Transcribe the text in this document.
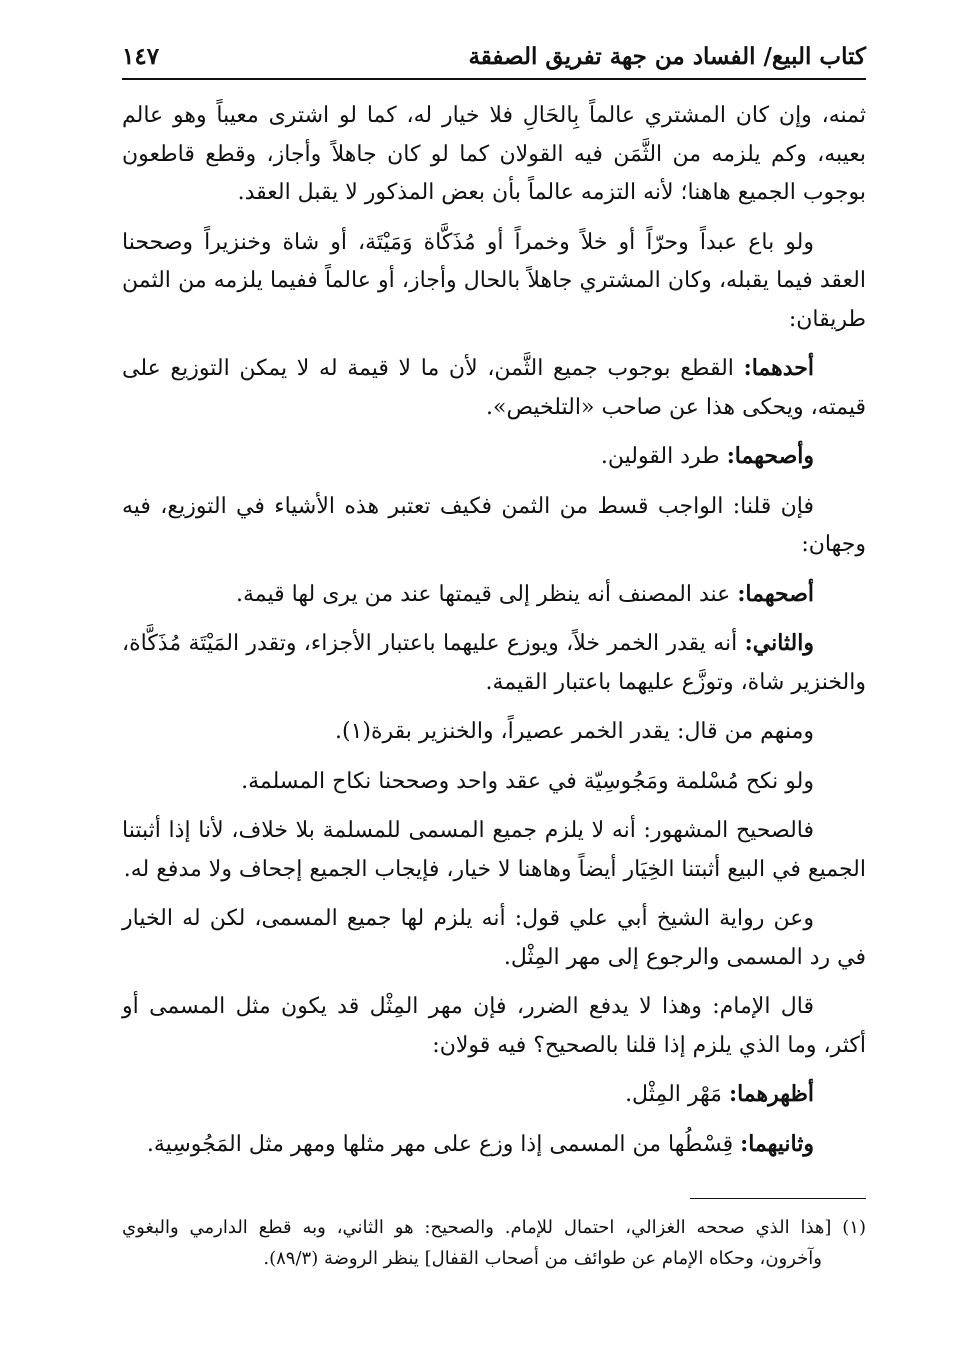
كتاب البيع/ الفساد من جهة تفريق الصفقة
١٤٧

ثمنه، وإن كان المشتري عالماً بِالحَالِ فلا خيار له، كما لو اشترى معيباً وهو عالم بعيبه، وكم يلزمه من الثَّمَن فيه القولان كما لو كان جاهلاً وأجاز، وقطع قاطعون بوجوب الجميع هاهنا؛ لأنه التزمه عالماً بأن بعض المذكور لا يقبل العقد.

ولو باع عبداً وحرّاً أو خلاً وخمراً أو مُذَكَّاة وَمَيْتَة، أو شاة وخنزيراً وصححنا العقد فيما يقبله، وكان المشتري جاهلاً بالحال وأجاز، أو عالماً ففيما يلزمه من الثمن طريقان:

أحدهما: القطع بوجوب جميع الثَّمن، لأن ما لا قيمة له لا يمكن التوزيع على قيمته، ويحكى هذا عن صاحب «التلخيص».

وأصحهما: طرد القولين.

فإن قلنا: الواجب قسط من الثمن فكيف تعتبر هذه الأشياء في التوزيع، فيه وجهان:

أصحهما: عند المصنف أنه ينظر إلى قيمتها عند من يرى لها قيمة.

والثاني: أنه يقدر الخمر خلاً، ويوزع عليهما باعتبار الأجزاء، وتقدر المَيْتَة مُذَكَّاة، والخنزير شاة، وتوزَّع عليهما باعتبار القيمة.

ومنهم من قال: يقدر الخمر عصيراً، والخنزير بقرة(١).

ولو نكح مُسْلمة ومَجُوسِيّة في عقد واحد وصححنا نكاح المسلمة.

فالصحيح المشهور: أنه لا يلزم جميع المسمى للمسلمة بلا خلاف، لأنا إذا أثبتنا الجميع في البيع أثبتنا الخِيَار أيضاً وهاهنا لا خيار، فإيجاب الجميع إجحاف ولا مدفع له.

وعن رواية الشيخ أبي علي قول: أنه يلزم لها جميع المسمى، لكن له الخيار في رد المسمى والرجوع إلى مهر المِثْل.

قال الإمام: وهذا لا يدفع الضرر، فإن مهر المِثْل قد يكون مثل المسمى أو أكثر، وما الذي يلزم إذا قلنا بالصحيح؟ فيه قولان:

أظهرهما: مَهْر المِثْل.

وثانيهما: قِسْطُها من المسمى إذا وزع على مهر مثلها ومهر مثل المَجُوسِية.

(١) [هذا الذي صححه الغزالي، احتمال للإمام. والصحيح: هو الثاني، وبه قطع الدارمي والبغوي وآخرون، وحكاه الإمام عن طوائف من أصحاب القفال] ينظر الروضة (٨٩/٣).
